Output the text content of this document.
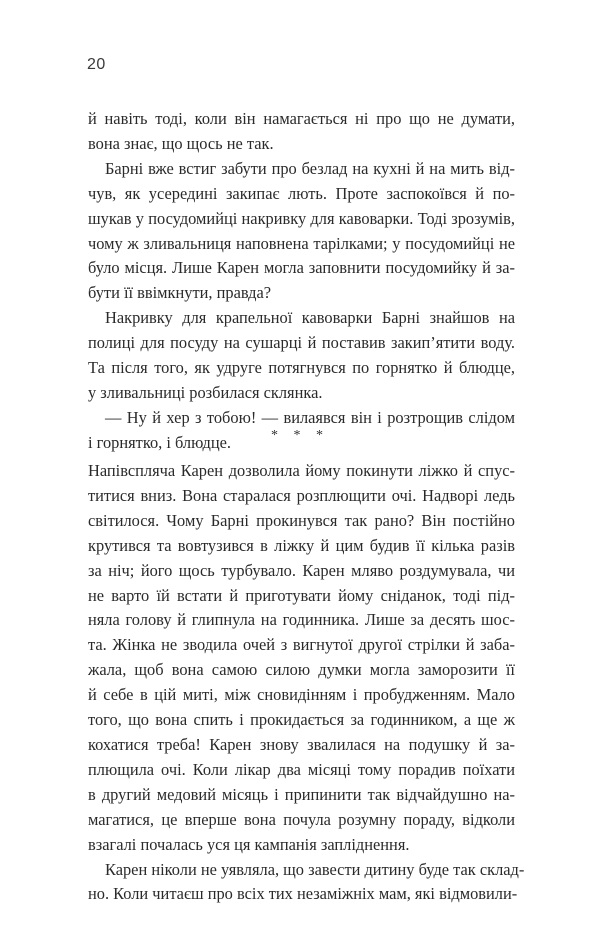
20
й навіть тоді, коли він намагається ні про що не думати,
вона знає, що щось не так.
Барні вже встиг забути про безлад на кухні й на мить від-
чув, як усередині закипає лють. Проте заспокоївся й по-
шукав у посудомийці накривку для кавоварки. Тоді зрозумів,
чому ж зливальниця наповнена тарілками; у посудомийці не
було місця. Лише Карен могла заповнити посудомийку й за-
бути її ввімкнути, правда?
Накривку для крапельної кавоварки Барні знайшов на
полиці для посуду на сушарці й поставив закип’ятити воду.
Та після того, як удруге потягнувся по горнятко й блюдце,
у зливальниці розбилася склянка.
— Ну й хер з тобою! — вилаявся він і розтрощив слідом
і горнятко, і блюдце.	* * *
Напівсплячa Карен дозволила йому покинути ліжко й спус-
титися вниз. Вона старалася розплющити очі. Надворі ледь
світилося. Чому Барні прокинувся так рано? Він постійно
крутився та вовтузився в ліжку й цим будив її кілька разів
за ніч; його щось турбувало. Карен мляво роздумувала, чи
не варто їй встати й приготувати йому сніданок, тоді під-
няла голову й глипнула на годинника. Лише за десять шос-
та. Жінка не зводила очей з вигнутої другої стрілки й заба-
жала, щоб вона самою силою думки могла заморозити її
й себе в цій миті, між сновидінням і пробудженням. Мало
того, що вона спить і прокидається за годинником, а ще ж
кохатися треба! Карен знову звалилася на подушку й за-
плющила очі. Коли лікар два місяці тому порадив поїхати
в другий медовий місяць і припинити так відчайдушно на-
магатися, це вперше вона почула розумну пораду, відколи
взагалі почалась уся ця кампанія запліднення.
Карен ніколи не уявляла, що завести дитину буде так склад-
но. Коли читаєш про всіх тих незаміжніх мам, які відмовили-
